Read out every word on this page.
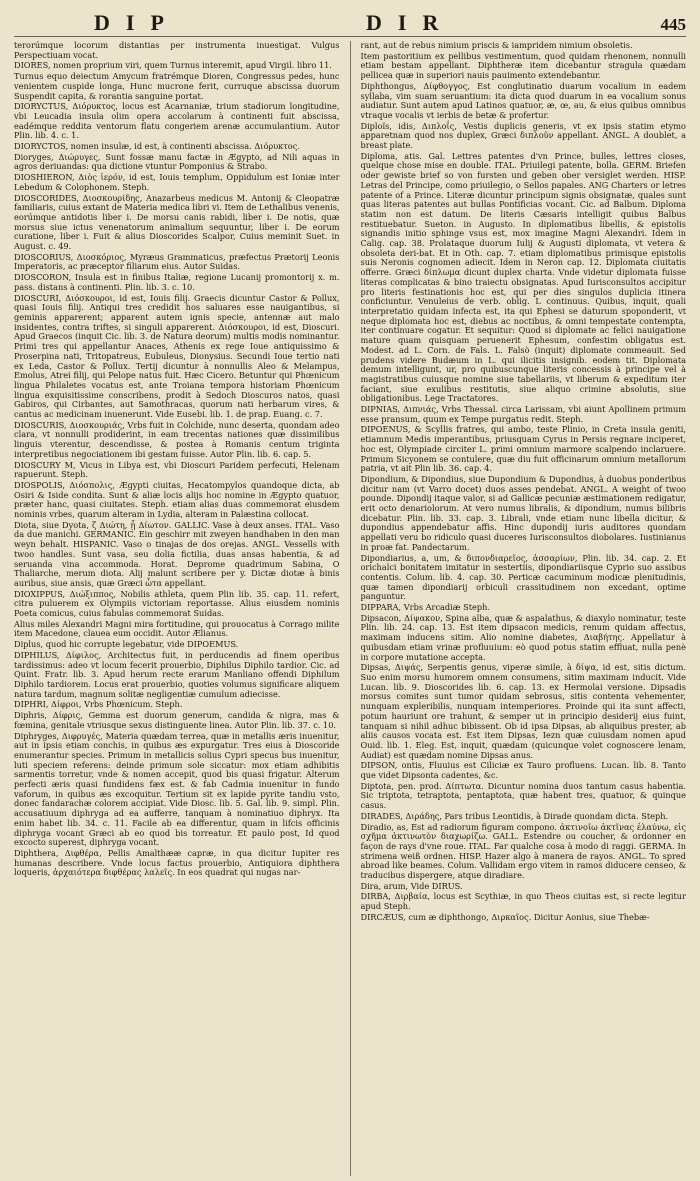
DIP	DIR	445

terorúmque locorum distantias per instrumenta inuestigat. Vulgus Perspectiuam vocat.

DIORES, nomen proprium viri, quem Turnus interemit, apud Virgil. libro 11.

Turnus equo deiectum Amycum fratrémque Dioren, Congressus pedes, hunc venientem cuspide longa, Hunc mucrone ferit, curruque abscissa duorum Suspendit capita, & rorantia sanguine portat.

DIORYCTUS, Διόρυκτος, locus est Acarnaniæ, trium stadiorum longitudine, vbi Leucadia insula olim opera accolarum à continenti fuit abscissa, eadémque reddita ventorum flatu congeriem arenæ accumulantium. Autor Plin. lib. 4. c. 1.

DIORYCTOS, nomen insulæ, id est, à continenti abscissa. Διόρυκτος.

Dioryges, Διώρυγες, Sunt fossæ manu factæ in Ægypto, ad Nili aquas in agros deriuandas: qua dictione vtuntur Pomponius & Strabo.

DIOSHIERON, Διὸς ἱερόν, id est, Iouis templum, Oppidulum est Ioniæ inter Lebedum & Colophonem. Steph.

DIOSCORIDES, Διοσκουρίδης, Anazarbeus medicus M. Antonij & Cleopatræ familiaris, cuius extant de Materia medica libri vi. Item de Lethalibus venenis, eorúmque antidotis liber i. De morsu canis rabidi, liber i. De notis, quæ morsus siue ictus venenatorum animalium sequuntur, liber i. De eorum curatione, liber i. Fuit & alius Dioscorides Scalpor, Cuius meminit Suet. in August. c. 49.

DIOSCORIUS, Διοσκόριος, Myræus Grammaticus, præfectus Prætorij Leonis Imperatoris, ac præceptor filiarum eius. Autor Suidas.

DIOSCORON, Insula est in finibus Italiæ, regione Lucanij promontorij x. m. pass. distans à continenti. Plin. lib. 3. c. 10.

DIOSCURI, Διόσκουροι, id est, Iouis filij. Graecis dicuntur Castor & Pollux, quasi Iouis filij. Antiqui tres credidit hos saluares esse nauigantibus, si geminis apparerent; apparent autem ignis specie, antennæ aut malo insidentes, contra triftes, si singuli apparerent. Διόσκουροι, id est, Dioscuri. Apud Graecos (inquit Cic. lib. 3. de Natura deorum) multis modis nominantur. Primi tres qui appellantur Anaces, Athenis ex rege Ioue antiquissimo & Proserpina nati, Tritopatreus, Eubuleus, Dionysius. Secundi Ioue tertio nati ex Leda, Castor & Pollux. Tertij dicuntur à nonnullis Aleo & Melampus, Emolus, Atrei filij, qui Pelope natus fuit. Hæc Cicero. Betuntur qui Phœnicum lingua Philaletes vocatus est, ante Troiana tempora historiam Phœnicum lingua exquisitissime conscribens, prodit à Sedoch Dioscuros natos, quasi Gabiros, qui Cirbantes, aut Samothracas, quorum nati herbarum vires, & cantus ac medicinam inuenerunt. Vide Eusebi. lib. 1. de prap. Euang. c. 7.

DIOSCURIS, Διοσκουριάς, Vrbs fuit in Colchide, nunc deserta, quondam adeo clara, vt nonnulli prodiderint, in eam trecentas nationes quæ dissimilibus linguis vterentur, descendisse, & postea à Romanis centum triginta interpretibus negociationem ibi gestam fuisse. Autor Plin. lib. 6. cap. 5.

DIOSCURY M, Vicus in Libya est, vbi Dioscuri Paridem perfecuti, Helenam rapuerunt. Steph.

DIOSPOLIS, Διόσπολις, Ægypti ciuitas, Hecatompylos quandoque dicta, ab Osiri & Iside condita. Sunt & aliæ locis alijs hoc nomine in Ægypto quatuor, præter hanc, quasi ciuitates. Steph. etiam alias duas commemorat eiusdem nominis vrbes, quarum alteram in Lydia, alteram in Palæstina collocat.

Diota, siue Dyota, ζ Διώτη, ᾗ Δίωτον. GALLIC. Vase à deux anses. ITAL. Vaso da due manichi. GERMANIC. Ein geschirr mit zweyen handhaben in den man weyn behalt. HISPANIC. Vaso o tinajas de dos orejas. ANGL. Vessells with twoo handles. Sunt vasa, seu dolia fictilia, duas ansas habentia, & ad seruanda vina accommoda. Horat. Deprome quadrimum Sabina, O Thaliarche, merum diota. Alij malunt scribere per y. Dictæ diotæ à binis auribus, siue ansis, quæ Græci ὦτα appellant.

DIOXIPPUS, Διώξιππος, Nobilis athleta, quem Plin lib. 35. cap. 11. refert, citra puluerem ex Olympiis victoriam reportasse. Alius eiusdem nominis Poeta comicus, cuius fabulas commemorat Suidas.

Alius miles Alexandri Magni mira fortitudine, qui prouocatus à Corrago milite item Macedone, clauea eum occidit. Autor Ælianus.

Diplus, quod hic corrupte legebatur, vide DIPOEMUS.

DIPHILUS, Δίφιλος, Architectus fuit, in perducendis ad finem operibus tardissimus: adeo vt locum fecerit prouerbio, Diphilus Diphilo tardior. Cic. ad Quint. Fratr. lib. 3. Apud herum recte erarum Manliano offendi Diphilum Diphilo tardiorem. Locus erat prouerbio, quoties volumus significare aliquem natura tardum, magnum solitæ negligentiæ cumulum adiecisse.

DIPHRI, Δίφροι, Vrbs Phœnicum. Steph.

Diphris, Δίφρις, Gemma est duorum generum, candida & nigra, mas & fœmina, genitale vtriusque sexus distinguente linea. Autor Plin. lib. 37. c. 10.

Diphryges, Διφρυγές, Materia quædam terrea, quæ in metallis æris inuenitur, aut in ipsis etiam conchis, in quibus æs expurgatur. Tres eius à Dioscoride enumerantur species. Primum in metallicis solius Cypri specus bus inuenitur, luti speciem referens: deinde primum sole siccatur: mox etiam adhibitis sarmentis torretur, vnde & nomen accepit, quod bis quasi frigatur. Alterum perfecti æris quasi fundidens fæx est. & fab Cadmia inuenitur in fundo vaforum, in quibus æs excoquitur. Tertium sit ex lapide pyrite tandiu vsto, donec fandarachæ colorem accipiat. Vide Diosc. lib. 5. Gal. lib. 9. simpl. Plin. accusatiuum diphryga ad ea aufferre, tanquam à nominatiuo diphryx. Ita enim habet lib. 34. c. 11. Facile ab ea differentur, quam in lifcis officinis diphryga vocant Græci ab eo quod bis torreatur. Et paulo post, Id quod excocto superest, diphryga vocant.

Diphthera, Διφθέρα, Pellis Amalthææ capræ, in qua dicitur Iupiter res humanas describere. Vnde locus factus prouerbio, Antiquiora diphthera loqueris, ἀρχαιότερα διφθέρας λαλεῖς. In eos quadrat qui nugas nar-

rant, aut de rebus nimium priscis & iampridem nimium obsoletis.

Item pastoritium ex pellibus vestimentum, quod quidam rhenonem, nonnulli etiam bestam appellant. Diphtheræ item dicebantur stragula quædam pellicea quæ in superiori nauis pauimento extendebantur.

Diphthongus, Δίφθογγος, Est conglutinatio duarum vocalium in eadem syllaba, vim suam seruantium: ita dicta quod duarum in ea vocalium sonus audiatur. Sunt autem apud Latinos quatuor, æ, œ, au, & eius quibus omnibus vtraque vocalis vt ierbis de betæ & profertur.

Diploïs, idis, Διπλοΐς, Vestis duplicis generis, vt ex ipsis statim etymo apparetnam quod nos duplex, Græci διπλοῦν appellant. ANGL. A doublet, a breast plate.

Diploma, atis. Gal. Lettres patentes d'vn Prince, bulles, lettres closes, quelque chose mise en double. ITAL. Priuilegi patente, bolla. GERM. Briefen oder gewiste brief so von fursten und geben ober versiglet werden. HISP. Letras del Principe, como priuilegio, o Sellos papales. ANG Charters or letres patente of a Prince. Literæ dicuntur principum signis obsignatæ, quales sunt quas literas patentes aut bullas Pontificias vocant. Cic. ad Balbum. Diploma statim non est datum. De literis Cæsaris intelligit quibus Balbus restituebatur. Sueton. in Augusto. In diplomatibus libellis, & epistolis signandis initio sphinge vsus est, mox imagine Magni Alexandri. Idem in Calig. cap. 38. Prolataque duorum Iulij & Augusti diplomata, vt vetera & obsoleta deri-bat. Et in Oth. cap. 7. etiam diplomatibus primisque epistolis suis Neronis cognomen adiecit. Idem in Neron cap. 12. Diplomata ciuitatis offerre. Græci δίπλωμα dicunt duplex charta. Vnde videtur diplomata fuisse literas complicatas & bino traiectu obsignatas. Apud Iurisconsultos accipitur pro literis festinationis hoc est, qui per dies singulos duplicia itinera conficiuntur. Venuleius de verb. oblig. L continuus. Quibus, inquit, quali interpretatio quidam infecta est, ita qui Ephesi se daturum spoponderit, vt neque diplomata hoc est, diebus ac noctibus, & omni tempestate contempta, iter continuare cogatur. Et sequitur: Quod si diplomate ac felici nauigatione mature quam quisquam peruenerit Ephesum, confestim obligatus est. Modest. ad L. Corn. de Fals. L. Falsò (inquit) diplomate commeauit. Sed prudens videre Budæum in L. qui ilicitis insignib. eodem tit. Diplomata demum intelligunt, ur, pro quibuscunque literis concessis à principe vel à magistratibus cuiusque nomine siue tabellariis, vt liberum & expeditum iter faciant, siue exulibus restitutis, siue aliquo crimine absolutis, siue obligationibus. Lege Tractatores.

DIPNIAS, Διπνιάς, Vrbs Thessal. circa Larissam, vbi aiunt Apollinem primum esse pransum, quum ex Tempe purgatus redit. Steph.

DIPOENUS, & Scyllis fratres, qui ambo, teste Plinio, in Creta insula geniti, etiamnum Medis imperantibus, priusquam Cyrus in Persis regnare inciperet, hoc est, Olympiade circiter L. primi omnium marmore scalpendo inclaruere. Primum Sicyonem se contulere, quæ diu fuit officinarum omnium metallorum patria, vt ait Plin lib. 36. cap. 4.

Dipondium, & Dipondius, siue Dupondium & Dupondius, à duobus ponderibus dicitur nam (vt Varro docet) duos asses pendebat. ANGL. A weight of twoo pounde. Dipondij itaque valor, si ad Gallicæ pecuniæ æstimationem redigatur, erit octo denariolorum. At vero numus libralis, & dipondium, numus bilibris dicebatur. Plin. lib. 33. cap. 3. Librali, vnde etiam nunc libella dicitur, & dupondius appendebatur affis. Hinc dupondij iuris auditores quondam appellati veru bo ridiculo quasi duceres Iurisconsultos diobolares. Iustinianus in proæ fat. Pandectarum.

Dipondiarius, a, um, & διπονδιαρεῖος, ἀσσαρίων, Plin. lib. 34. cap. 2. Et orichalci bonitatem imitatur in sestertiis, dipondiariisque Cyprio suo assibus contentis. Colum. lib. 4. cap. 30. Perticæ cacuminum modicæ plenitudinis, quæ tamen dipondiarij orbiculi crassitudinem non excedant, optime panguntur.

DIPPARA, Vrbs Arcadiæ Steph.

Dipsacon, Δίψακον, Spina alba, quæ & aspalathus, & diaxylo nominatur, teste Plin. lib. 24. cap. 13. Est item dipsacon medicis, renum quidam affectus, maximam inducens sitim. Alio nomine diabetes, Διαβήτης. Appellatur à quibusdam etiam vrinæ profluuium: eò quod potus statim effluat, nulla penè in corpore mutatione accepta.

Dipsas, Διψάς, Serpentis genus, viperæ simile, à δίψα, id est, sitis dictum. Suo enim morsu humorem omnem consumens, sitim maximam inducit. Vide Lucan. lib. 9. Dioscorides lib. 6. cap. 13. ex Hermolai versione. Dipsadis morsus comites sunt tumor quidam sebrosus, sitis contenta vehementer, nunquam expleribilis, nunquam intemperiores. Proinde qui ita sunt affecti, potum hauriunt ore trahunt, & semper ut in principio desiderij eius fuint, tanquam si nihil adhuc bibissent. Ob id ipsa Dipsas, ab aliquibus prester, ab aliis causos vocata est. Est item Dipsas, Iezn quæ cuiusdam nomen apud Ouid. lib. 1. Eleg. Est, inquit, quædam (quicunque volet cognoscere lenam, Audiat) est quædam nomine Dipsas anus.

DIPSON, ontis, Fluuius est Ciliciæ ex Tauro profluens. Lucan. lib. 8. Tanto que videt Dipsonta cadentes, &c.

Diptota, pen. prod. Δίπτωτα. Dicuntur nomina duos tantum casus habentia. Sic triptota, tetraptota, pentaptota, quæ habent tres, quatuor, & quinque casus.

DIRADES, Διράδης, Pars tribus Leontidis, à Dirade quondam dicta. Steph.

Diradio, as, Est ad radiorum figuram compono. ἀκτινοῖω ἀκτῖνας ἐλαύνω, εἰς σχῆμα ἀκτινωτὸν διαχωρίζω. GALL. Estendre ou coucher, & ordonner en façon de rays d'vne roue. ITAL. Far qualche cosa à modo di raggi. GERMA. In strimena weiß ordnen. HISP. Hazer algo à manera de rayos. ANGL. To spred abroad like beames. Colum. Vallidam ergo vitem in ramos diducere censeo, & traducibus dispergere, atque diradiare.

Dira, arum, Vide DIRUS.

DIRBA, Διρβαία, locus est Scythiæ, in quo Theos ciuitas est, si recte legitur apud Steph.

DIRCÆUS, cum æ diphthongo, Διρκαῖος. Dicitur Aonius, siue Thebæ-
